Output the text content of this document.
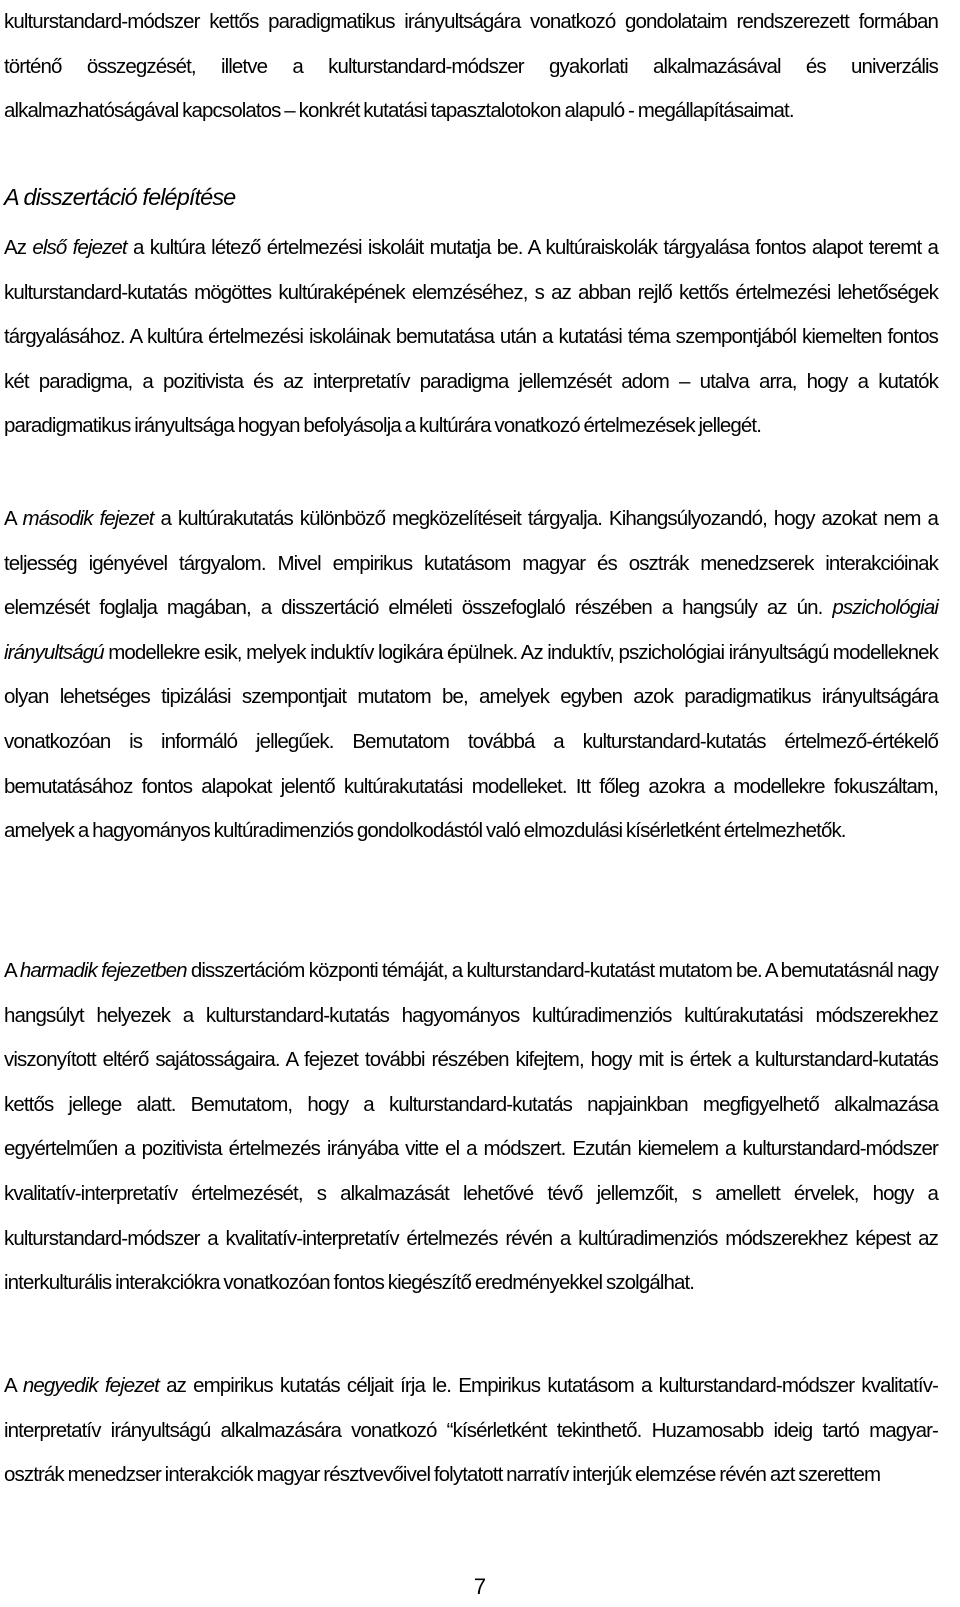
kulturstandard-módszer kettős paradigmatikus irányultságára vonatkozó gondolataim rendszerezett formában történő összegzését, illetve a kulturstandard-módszer gyakorlati alkalmazásával és univerzális alkalmazhatóságával kapcsolatos – konkrét kutatási tapasztalotokon alapuló - megállapításaimat.

A disszertáció felépítése

Az első fejezet a kultúra létező értelmezési iskoláit mutatja be. A kultúraiskolák tárgyalása fontos alapot teremt a kulturstandard-kutatás mögöttes kultúraképének elemzéséhez, s az abban rejlő kettős értelmezési lehetőségek tárgyalásához. A kultúra értelmezési iskoláinak bemutatása után a kutatási téma szempontjából kiemelten fontos két paradigma, a pozitivista és az interpretatív paradigma jellemzését adom – utalva arra, hogy a kutatók paradigmatikus irányultsága hogyan befolyásolja a kultúrára vonatkozó értelmezések jellegét.

A második fejezet a kultúrakutatás különböző megközelítéseit tárgyalja. Kihangsúlyozandó, hogy azokat nem a teljesség igényével tárgyalom. Mivel empirikus kutatásom magyar és osztrák menedzserek interakcióinak elemzését foglalja magában, a disszertáció elméleti összefoglaló részében a hangsúly az ún. pszichológiai irányultságú modellekre esik, melyek induktív logikára épülnek. Az induktív, pszichológiai irányultságú modelleknek olyan lehetséges tipizálási szempontjait mutatom be, amelyek egyben azok paradigmatikus irányultságára vonatkozóan is informáló jellegűek. Bemutatom továbbá a kulturstandard-kutatás értelmező-értékelő bemutatásához fontos alapokat jelentő kultúrakutatási modelleket. Itt főleg azokra a modellekre fokuszáltam, amelyek a hagyományos kultúradimenziós gondolkodástól való elmozdulási kísérletként értelmezhetők.

A harmadik fejezetben disszertációm központi témáját, a kulturstandard-kutatást mutatom be. A bemutatásnál nagy hangsúlyt helyezek a kulturstandard-kutatás hagyományos kultúradimenziós kultúrakutatási módszerekhez viszonyított eltérő sajátosságaira. A fejezet további részében kifejtem, hogy mit is értek a kulturstandard-kutatás kettős jellege alatt. Bemutatom, hogy a kulturstandard-kutatás napjainkban megfigyelhető alkalmazása egyértelműen a pozitivista értelmezés irányába vitte el a módszert. Ezután kiemelem a kulturstandard-módszer kvalitatív-interpretatív értelmezését, s alkalmazását lehetővé tévő jellemzőit, s amellett érvelek, hogy a kulturstandard-módszer a kvalitatív-interpretatív értelmezés révén a kultúradimenziós módszerekhez képest az interkulturális interakciókra vonatkozóan fontos kiegészítő eredményekkel szolgálhat.

A negyedik fejezet az empirikus kutatás céljait írja le. Empirikus kutatásom a kulturstandard-módszer kvalitatív-interpretatív irányultságú alkalmazására vonatkozó “kísérletként tekinthető. Huzamosabb ideig tartó magyar-osztrák menedzser interakciók magyar résztvevőivel folytatott narratív interjúk elemzése révén azt szerettem

7
